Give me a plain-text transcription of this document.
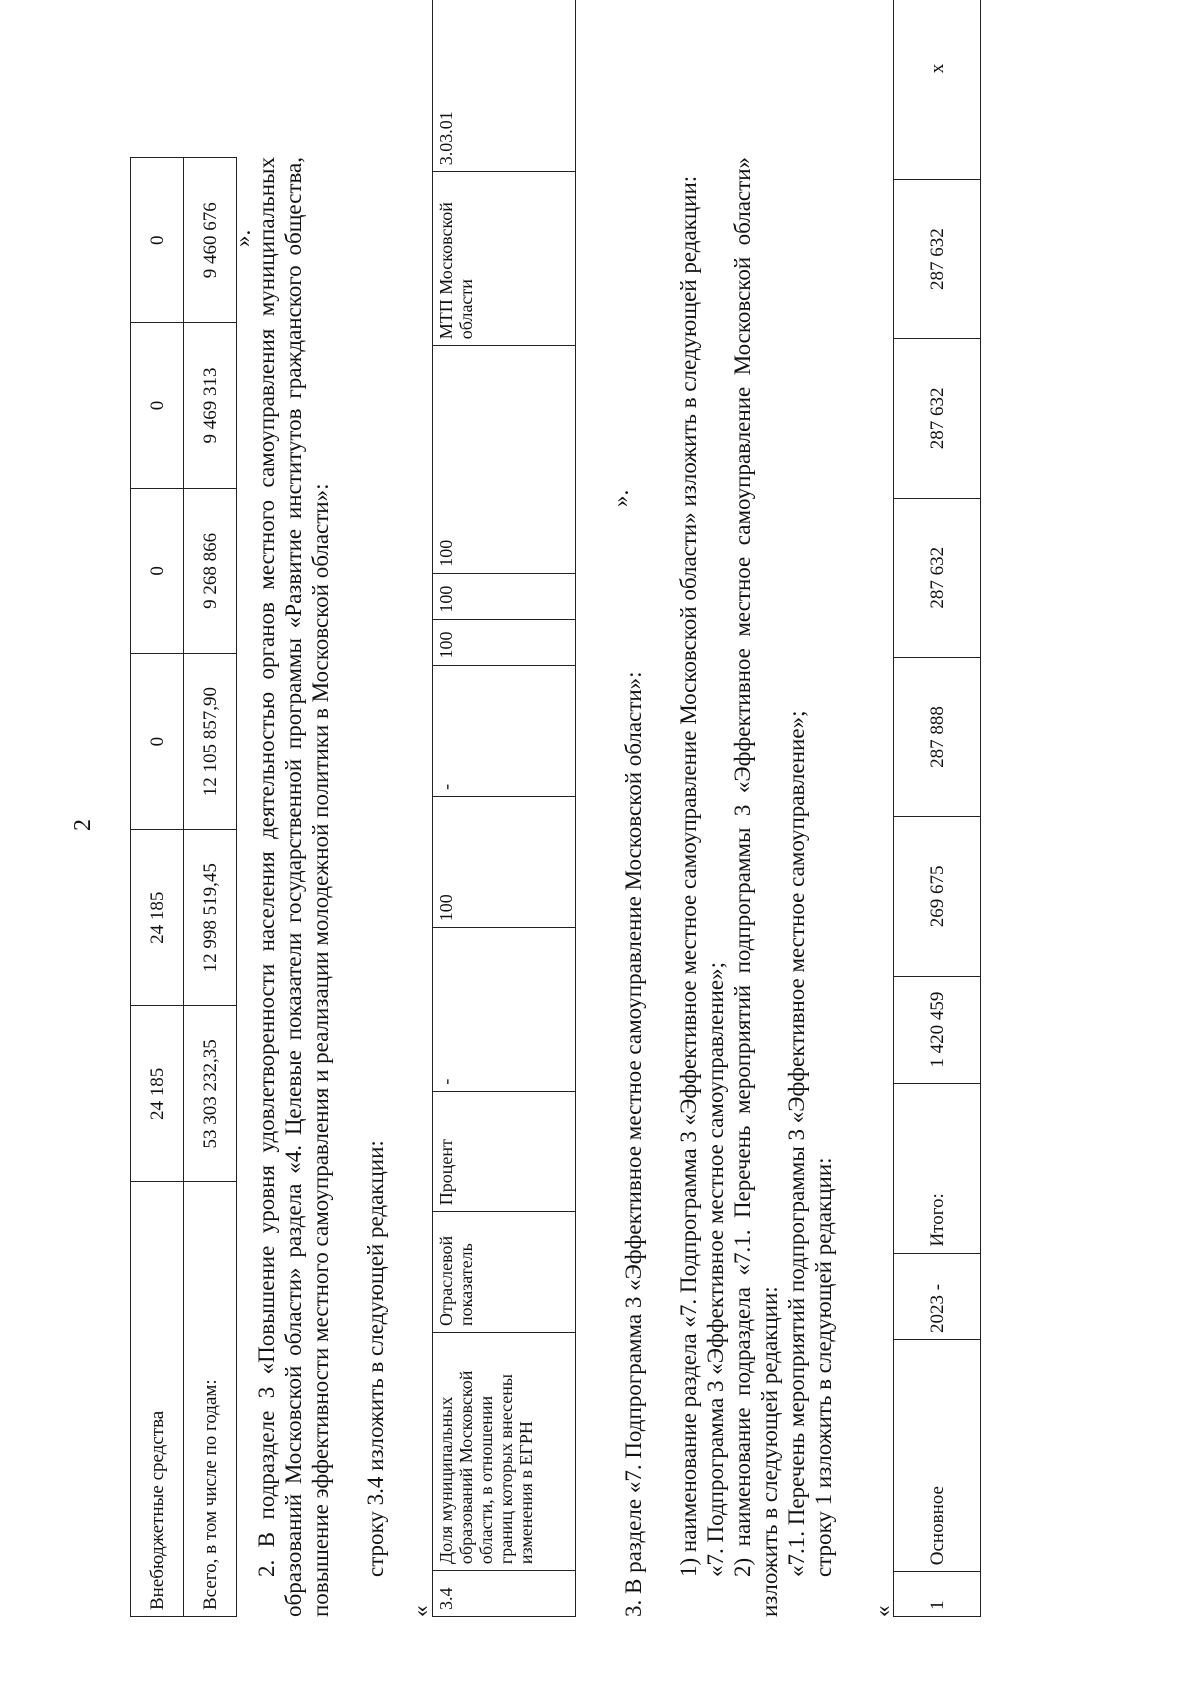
2
Внебюджетные средства	24 185	24 185	0	0	0	0
Всего, в том числе по годам:	53 303 232,35	12 998 519,45	12 105 857,90	9 268 866	9 469 313	9 460 676 ». 2. В подразделе 3 «Повышение уровня удовлетворенности населения деятельностью органов местного самоуправления муниципальных образований Московской области» раздела «4. Целевые показатели государственной программы «Развитие институтов гражданского общества, повышение эффективности местного самоуправления и реализации молодежной политики в Московской области»: строку 3.4 изложить в следующей редакции:
«
3.4	Доля муниципальных образований Московской области, в отношении границ которых внесены изменения в ЕГРН	Отраслевой показатель	Процент	-	100	-	100	100	100	МТП Московской области	3.03.01
».
3. В разделе «7. Подпрограмма 3 «Эффективное местное самоуправление Московской области»: 1) наименование раздела «7. Подпрограмма 3 «Эффективное местное самоуправление Московской области» изложить в следующей редакции: «7. Подпрограмма 3 «Эффективное местное самоуправление»; 2) наименование подраздела «7.1. Перечень мероприятий подпрограммы 3 «Эффективное местное самоуправление Московской области» изложить в следующей редакции: «7.1. Перечень мероприятий подпрограммы 3 «Эффективное местное самоуправление»; строку 1 изложить в следующей редакции:
«
1	Основное	2023 -	Итого:	1 420 459	269 675	287 888	287 632	287 632	287 632	x
